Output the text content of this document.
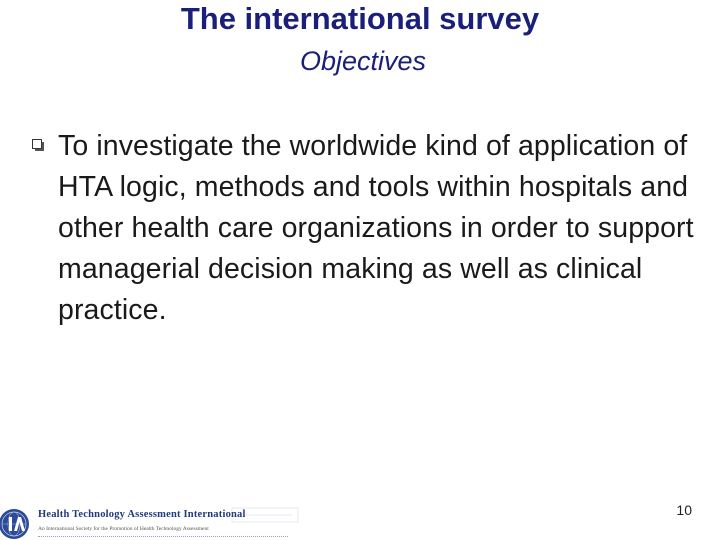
The international survey
Objectives
To investigate the worldwide kind of application of HTA logic, methods and tools within hospitals and other health care organizations in order to support managerial decision making as well as clinical practice.
Health Technology Assessment International
An International Society for the Promotion of Health Technology Assessment
10
